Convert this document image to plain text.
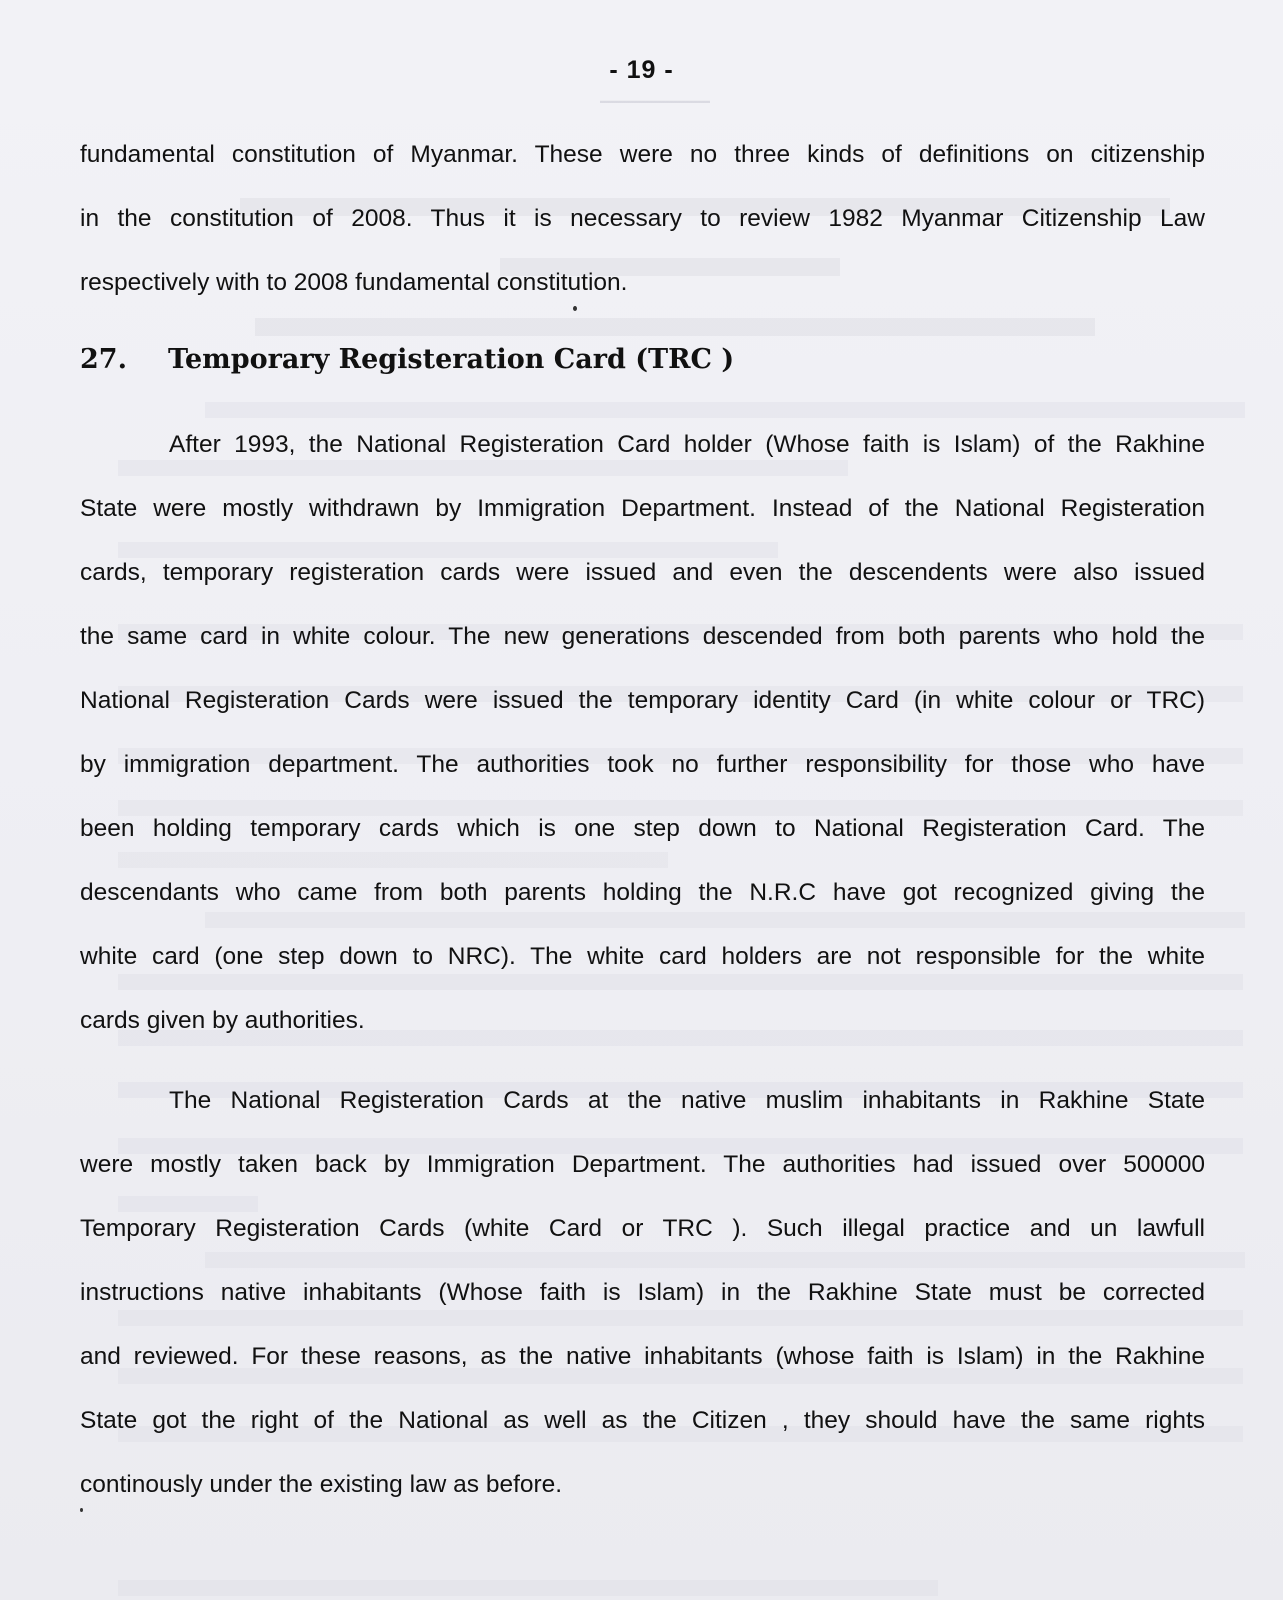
—————
- 19 -
fundamental constitution of Myanmar. These were no three kinds of definitions on citizenship
in the constitution of 2008. Thus it is necessary to review 1982 Myanmar Citizenship Law
respectively with to 2008 fundamental constitution.
27. Temporary Registeration Card (TRC )
After 1993, the National Registeration Card holder (Whose faith is Islam) of the Rakhine
State were mostly withdrawn by Immigration Department. Instead of the National Registeration
cards, temporary registeration cards were issued and even the descendents were also issued
the same card in white colour. The new generations descended from both parents who hold the
National Registeration Cards were issued the temporary identity Card (in white colour or TRC)
by immigration department. The authorities took no further responsibility for those who have
been holding temporary cards which is one step down to National Registeration Card. The
descendants who came from both parents holding the N.R.C have got recognized giving the
white card (one step down to NRC). The white card holders are not responsible for the white
cards given by authorities.
The National Registeration Cards at the native muslim inhabitants in Rakhine State
were mostly taken back by Immigration Department. The authorities had issued over 500000
Temporary Registeration Cards (white Card or TRC ). Such illegal practice and un lawfull
instructions native inhabitants (Whose faith is Islam) in the Rakhine State must be corrected
and reviewed. For these reasons, as the native inhabitants (whose faith is Islam) in the Rakhine
State got the right of the National as well as the Citizen , they should have the same rights
continously under the existing law as before.
